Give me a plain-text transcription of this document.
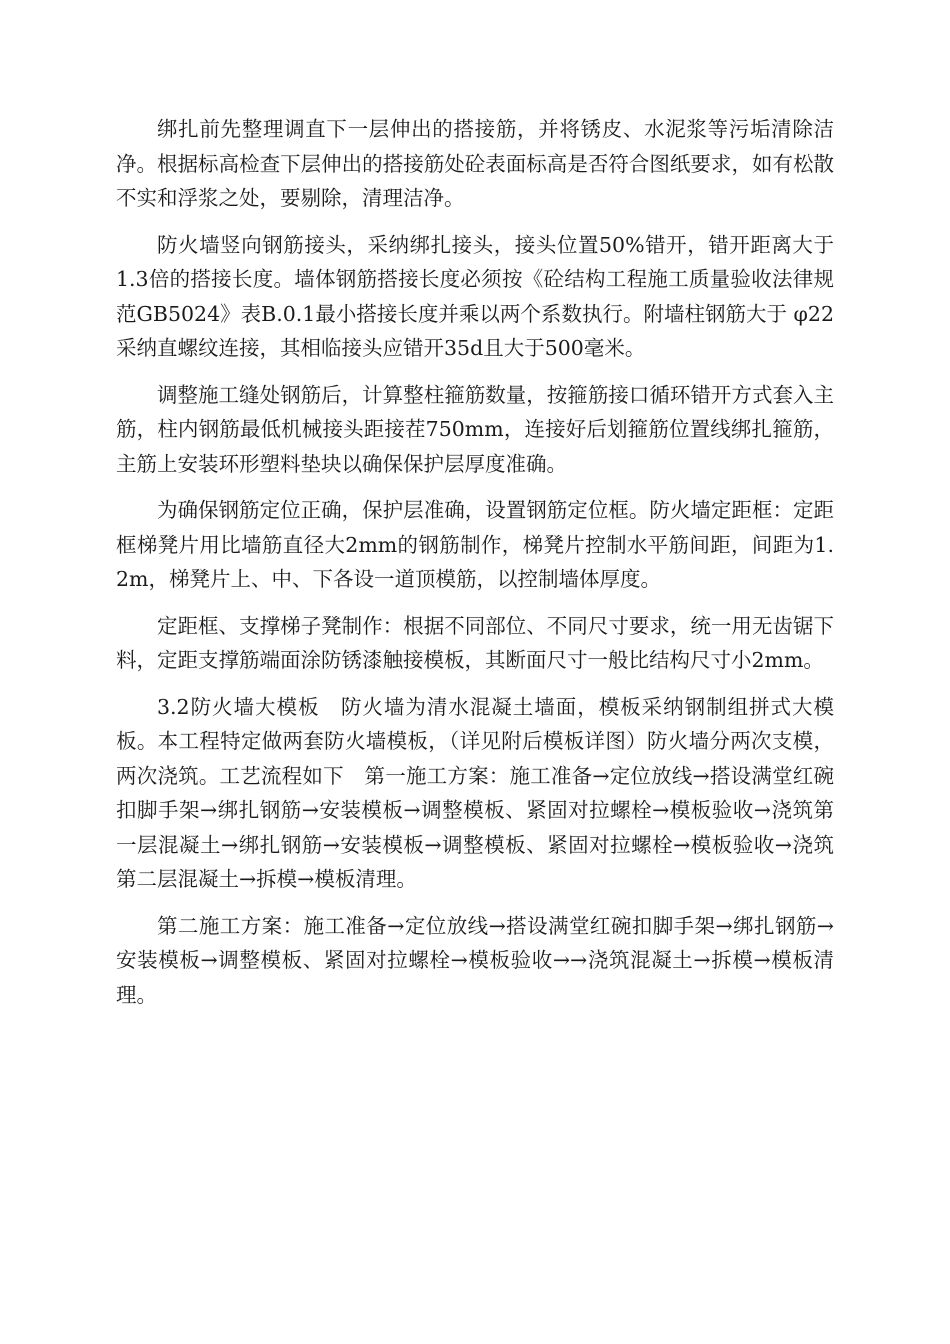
绑扎前先整理调直下一层伸出的搭接筋，并将锈皮、水泥浆等污垢清除洁净。根据标高检查下层伸出的搭接筋处砼表面标高是否符合图纸要求，如有松散不实和浮浆之处，要剔除，清理洁净。

防火墙竖向钢筋接头，采纳绑扎接头，接头位置50%错开，错开距离大于1.3倍的搭接长度。墙体钢筋搭接长度必须按《砼结构工程施工质量验收法律规范GB5024》表B.0.1最小搭接长度并乘以两个系数执行。附墙柱钢筋大于 φ22采纳直螺纹连接，其相临接头应错开35d且大于500毫米。

调整施工缝处钢筋后，计算整柱箍筋数量，按箍筋接口循环错开方式套入主筋，柱内钢筋最低机械接头距接茬750mm，连接好后划箍筋位置线绑扎箍筋，主筋上安装环形塑料垫块以确保保护层厚度准确。

为确保钢筋定位正确，保护层准确，设置钢筋定位框。防火墙定距框：定距框梯凳片用比墙筋直径大2mm的钢筋制作，梯凳片控制水平筋间距，间距为1.2m，梯凳片上、中、下各设一道顶模筋，以控制墙体厚度。

定距框、支撑梯子凳制作：根据不同部位、不同尺寸要求，统一用无齿锯下料，定距支撑筋端面涂防锈漆触接模板，其断面尺寸一般比结构尺寸小2mm。

3.2防火墙大模板　防火墙为清水混凝土墙面，模板采纳钢制组拼式大模板。本工程特定做两套防火墙模板，（详见附后模板详图）防火墙分两次支模，两次浇筑。工艺流程如下　第一施工方案：施工准备→定位放线→搭设满堂红碗扣脚手架→绑扎钢筋→安装模板→调整模板、紧固对拉螺栓→模板验收→浇筑第一层混凝土→绑扎钢筋→安装模板→调整模板、紧固对拉螺栓→模板验收→浇筑第二层混凝土→拆模→模板清理。

第二施工方案：施工准备→定位放线→搭设满堂红碗扣脚手架→绑扎钢筋→安装模板→调整模板、紧固对拉螺栓→模板验收→→浇筑混凝土→拆模→模板清理。
